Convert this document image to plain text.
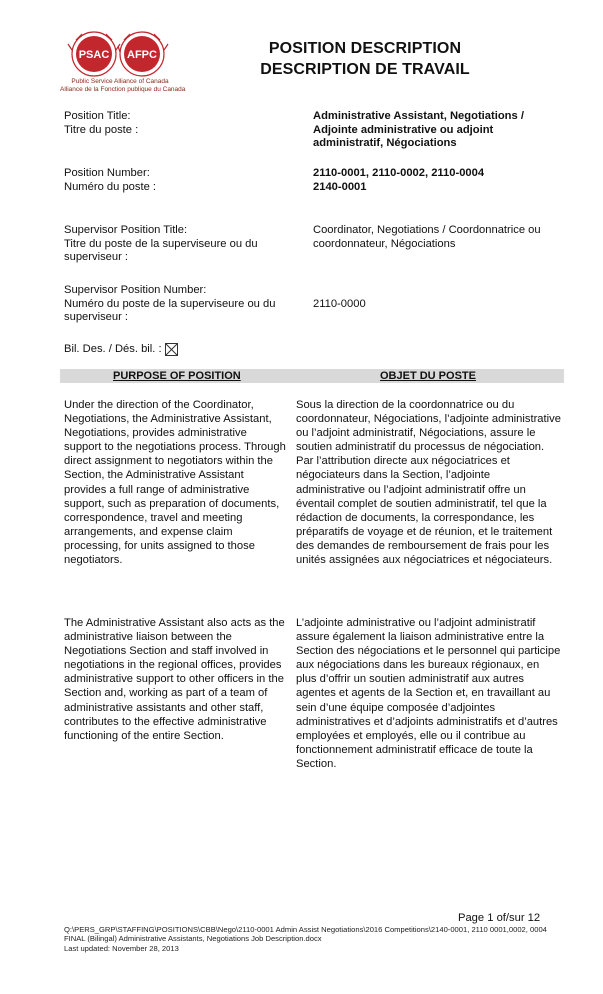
PSAC AFPC
Public Service Alliance of Canada
Alliance de la Fonction publique du Canada
POSITION DESCRIPTION
DESCRIPTION DE TRAVAIL
Position Title:
Titre du poste :
Administrative Assistant, Negotiations / Adjointe administrative ou adjoint administratif, Négociations
Position Number:
Numéro du poste :
2110-0001, 2110-0002, 2110-0004
2140-0001
Supervisor Position Title:
Titre du poste de la superviseure ou du superviseur :
Coordinator, Negotiations / Coordonnatrice ou coordonnateur, Négociations
Supervisor Position Number:
Numéro du poste de la superviseure ou du superviseur :
2110-0000
Bil. Des. / Dés. bil. :
PURPOSE OF POSITION	OBJET DU POSTE
Under the direction of the Coordinator, Negotiations, the Administrative Assistant, Negotiations, provides administrative support to the negotiations process. Through direct assignment to negotiators within the Section, the Administrative Assistant provides a full range of administrative support, such as preparation of documents, correspondence, travel and meeting arrangements, and expense claim processing, for units assigned to those negotiators.
Sous la direction de la coordonnatrice ou du coordonnateur, Négociations, l’adjointe administrative ou l’adjoint administratif, Négociations, assure le soutien administratif du processus de négociation. Par l’attribution directe aux négociatrices et négociateurs dans la Section, l’adjointe administrative ou l’adjoint administratif offre un éventail complet de soutien administratif, tel que la rédaction de documents, la correspondance, les préparatifs de voyage et de réunion, et le traitement des demandes de remboursement de frais pour les unités assignées aux négociatrices et négociateurs.
The Administrative Assistant also acts as the administrative liaison between the Negotiations Section and staff involved in negotiations in the regional offices, provides administrative support to other officers in the Section and, working as part of a team of administrative assistants and other staff, contributes to the effective administrative functioning of the entire Section.
L’adjointe administrative ou l’adjoint administratif assure également la liaison administrative entre la Section des négociations et le personnel qui participe aux négociations dans les bureaux régionaux, en plus d’offrir un soutien administratif aux autres agentes et agents de la Section et, en travaillant au sein d’une équipe composée d’adjointes administratives et d’adjoints administratifs et d’autres employées et employés, elle ou il contribue au fonctionnement administratif efficace de toute la Section.
Page 1 of/sur 12
Q:\PERS_GRP\STAFFING\POSITIONS\CBB\Nego\2110-0001 Admin Assist Negotiations\2016 Competitions\2140-0001, 2110 0001,0002, 0004 FINAL (Bilingal) Administrative Assistants, Negotiations Job Description.docx
Last updated: November 28, 2013
